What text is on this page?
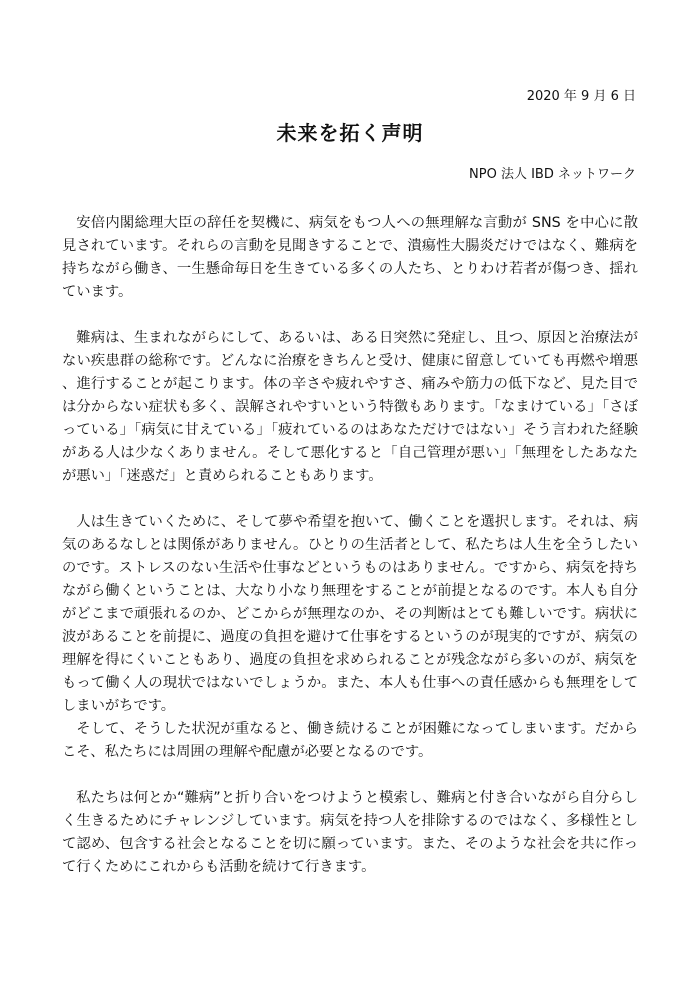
2020 年 9 月 6 日
未来を拓く声明
NPO 法人 IBD ネットワーク

安倍内閣総理大臣の辞任を契機に、病気をもつ人への無理解な言動が SNS を中心に散見されています。それらの言動を見聞きすることで、潰瘍性大腸炎だけではなく、難病を持ちながら働き、一生懸命毎日を生きている多くの人たち、とりわけ若者が傷つき、揺れています。

難病は、生まれながらにして、あるいは、ある日突然に発症し、且つ、原因と治療法がない疾患群の総称です。どんなに治療をきちんと受け、健康に留意していても再燃や増悪、進行することが起こります。体の辛さや疲れやすさ、痛みや筋力の低下など、見た目では分からない症状も多く、誤解されやすいという特徴もあります。「なまけている」「さぼっている」「病気に甘えている」「疲れているのはあなただけではない」そう言われた経験がある人は少なくありません。そして悪化すると「自己管理が悪い」「無理をしたあなたが悪い」「迷惑だ」と責められることもあります。

人は生きていくために、そして夢や希望を抱いて、働くことを選択します。それは、病気のあるなしとは関係がありません。ひとりの生活者として、私たちは人生を全うしたいのです。ストレスのない生活や仕事などというものはありません。ですから、病気を持ちながら働くということは、大なり小なり無理をすることが前提となるのです。本人も自分がどこまで頑張れるのか、どこからが無理なのか、その判断はとても難しいです。病状に波があることを前提に、過度の負担を避けて仕事をするというのが現実的ですが、病気の理解を得にくいこともあり、過度の負担を求められることが残念ながら多いのが、病気をもって働く人の現状ではないでしょうか。また、本人も仕事への責任感からも無理をしてしまいがちです。

そして、そうした状況が重なると、働き続けることが困難になってしまいます。だからこそ、私たちには周囲の理解や配慮が必要となるのです。

私たちは何とか“難病”と折り合いをつけようと模索し、難病と付き合いながら自分らしく生きるためにチャレンジしています。病気を持つ人を排除するのではなく、多様性として認め、包含する社会となることを切に願っています。また、そのような社会を共に作って行くためにこれからも活動を続けて行きます。
